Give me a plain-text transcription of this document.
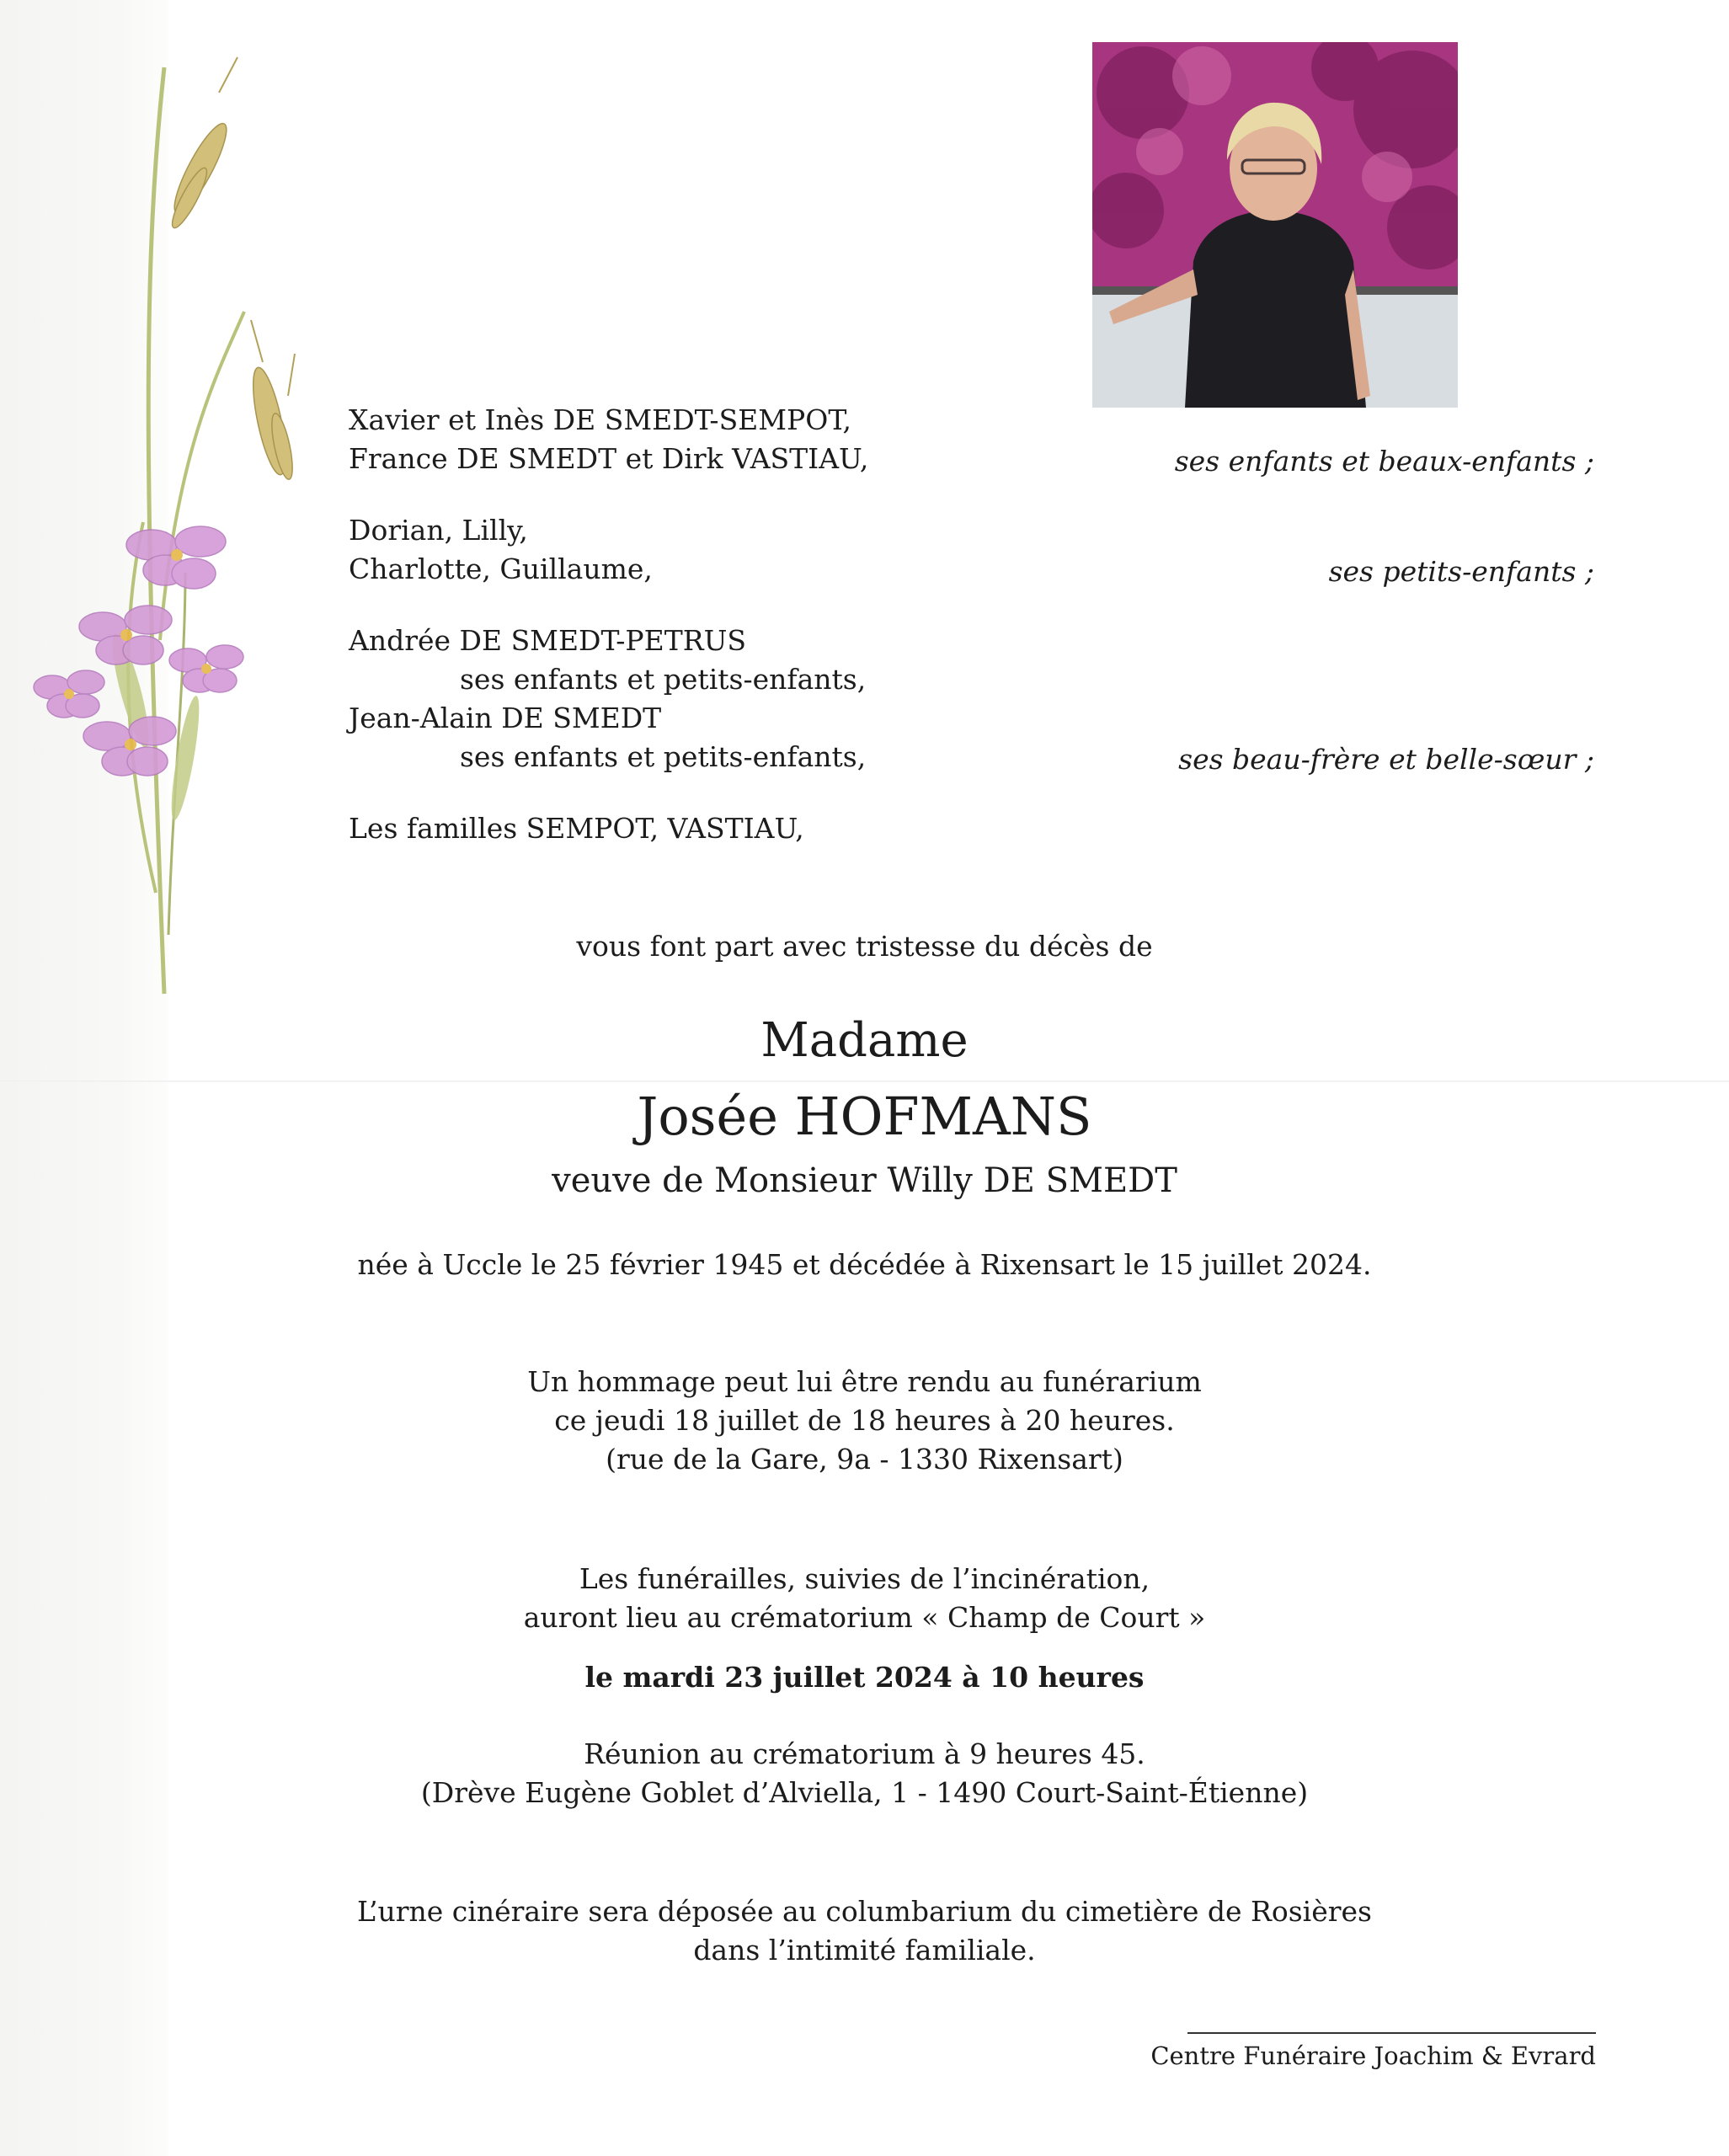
Xavier et Inès DE SMEDT-SEMPOT,
France DE SMEDT et Dirk VASTIAU,	ses enfants et beaux-enfants ;
Dorian, Lilly,
Charlotte, Guillaume,	ses petits-enfants ;
Andrée DE SMEDT-PETRUS
ses enfants et petits-enfants,
Jean-Alain DE SMEDT
ses enfants et petits-enfants,	ses beau-frère et belle-sœur ;
Les familles SEMPOT, VASTIAU,
vous font part avec tristesse du décès de
Madame
Josée HOFMANS
veuve de Monsieur Willy DE SMEDT
née à Uccle le 25 février 1945 et décédée à Rixensart le 15 juillet 2024.
Un hommage peut lui être rendu au funérarium
ce jeudi 18 juillet de 18 heures à 20 heures.
(rue de la Gare, 9a - 1330 Rixensart)
Les funérailles, suivies de l’incinération,
auront lieu au crématorium « Champ de Court »
le mardi 23 juillet 2024 à 10 heures
Réunion au crématorium à 9 heures 45.
(Drève Eugène Goblet d’Alviella, 1 - 1490 Court-Saint-Étienne)
L’urne cinéraire sera déposée au columbarium du cimetière de Rosières
dans l’intimité familiale.
Centre Funéraire Joachim & Evrard
